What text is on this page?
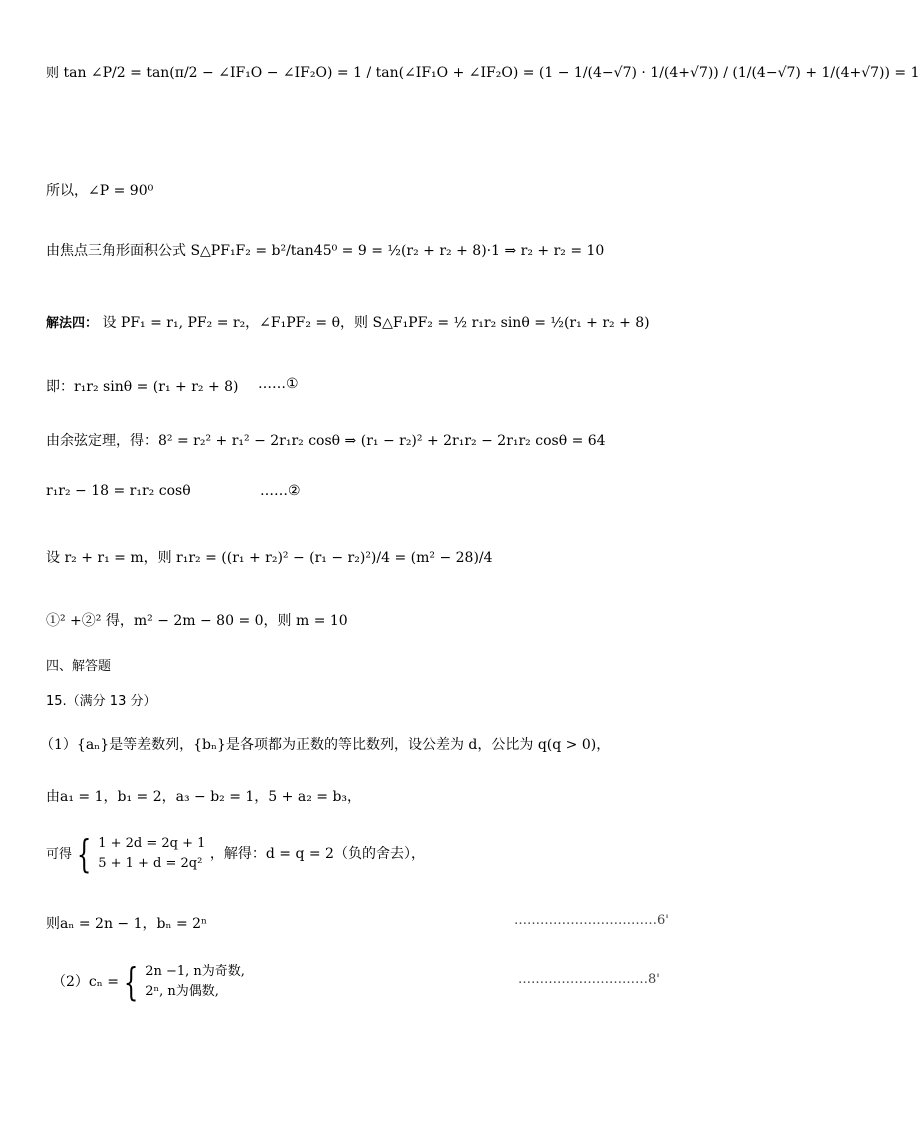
则 tan ∠P/2 = tan(π/2 − ∠IF₁O − ∠IF₂O) = 1 / tan(∠IF₁O + ∠IF₂O) = (1 − 1/(4−√7) · 1/(4+√7)) / (1/(4−√7) + 1/(4+√7)) = 1
所以，∠P = 90⁰
由焦点三角形面积公式 S△PF₁F₂ = b²/tan45⁰ = 9 = ½(r₂ + r₂ + 8)·1 ⇒ r₂ + r₂ = 10
解法四： 设 PF₁ = r₁, PF₂ = r₂，∠F₁PF₂ = θ，则 S△F₁PF₂ = ½ r₁r₂ sinθ = ½(r₁ + r₂ + 8)
即：r₁r₂ sinθ = (r₁ + r₂ + 8) ……①
由余弦定理，得：8² = r₂² + r₁² − 2r₁r₂ cosθ ⇒ (r₁ − r₂)² + 2r₁r₂ − 2r₁r₂ cosθ = 64
r₁r₂ − 18 = r₁r₂ cosθ	……②
设 r₂ + r₁ = m，则 r₁r₂ = ((r₁ + r₂)² − (r₁ − r₂)²)/4 = (m² − 28)/4
①² +②² 得，m² − 2m − 80 = 0，则 m = 10
四、解答题
15.（满分 13 分）
（1）{aₙ}是等差数列，{bₙ}是各项都为正数的等比数列，设公差为 d，公比为 q(q > 0)，
由a₁ = 1，b₁ = 2，a₃ − b₂ = 1，5 + a₂ = b₃，
可得 { 1 + 2d = 2q + 1
5 + 1 + d = 2q²
，解得：d = q = 2（负的舍去），
则aₙ = 2n − 1，bₙ = 2ⁿ	……………………………6'
（2）cₙ = { 2n −1, n为奇数,
2ⁿ, n为偶数,
…………………………8'
